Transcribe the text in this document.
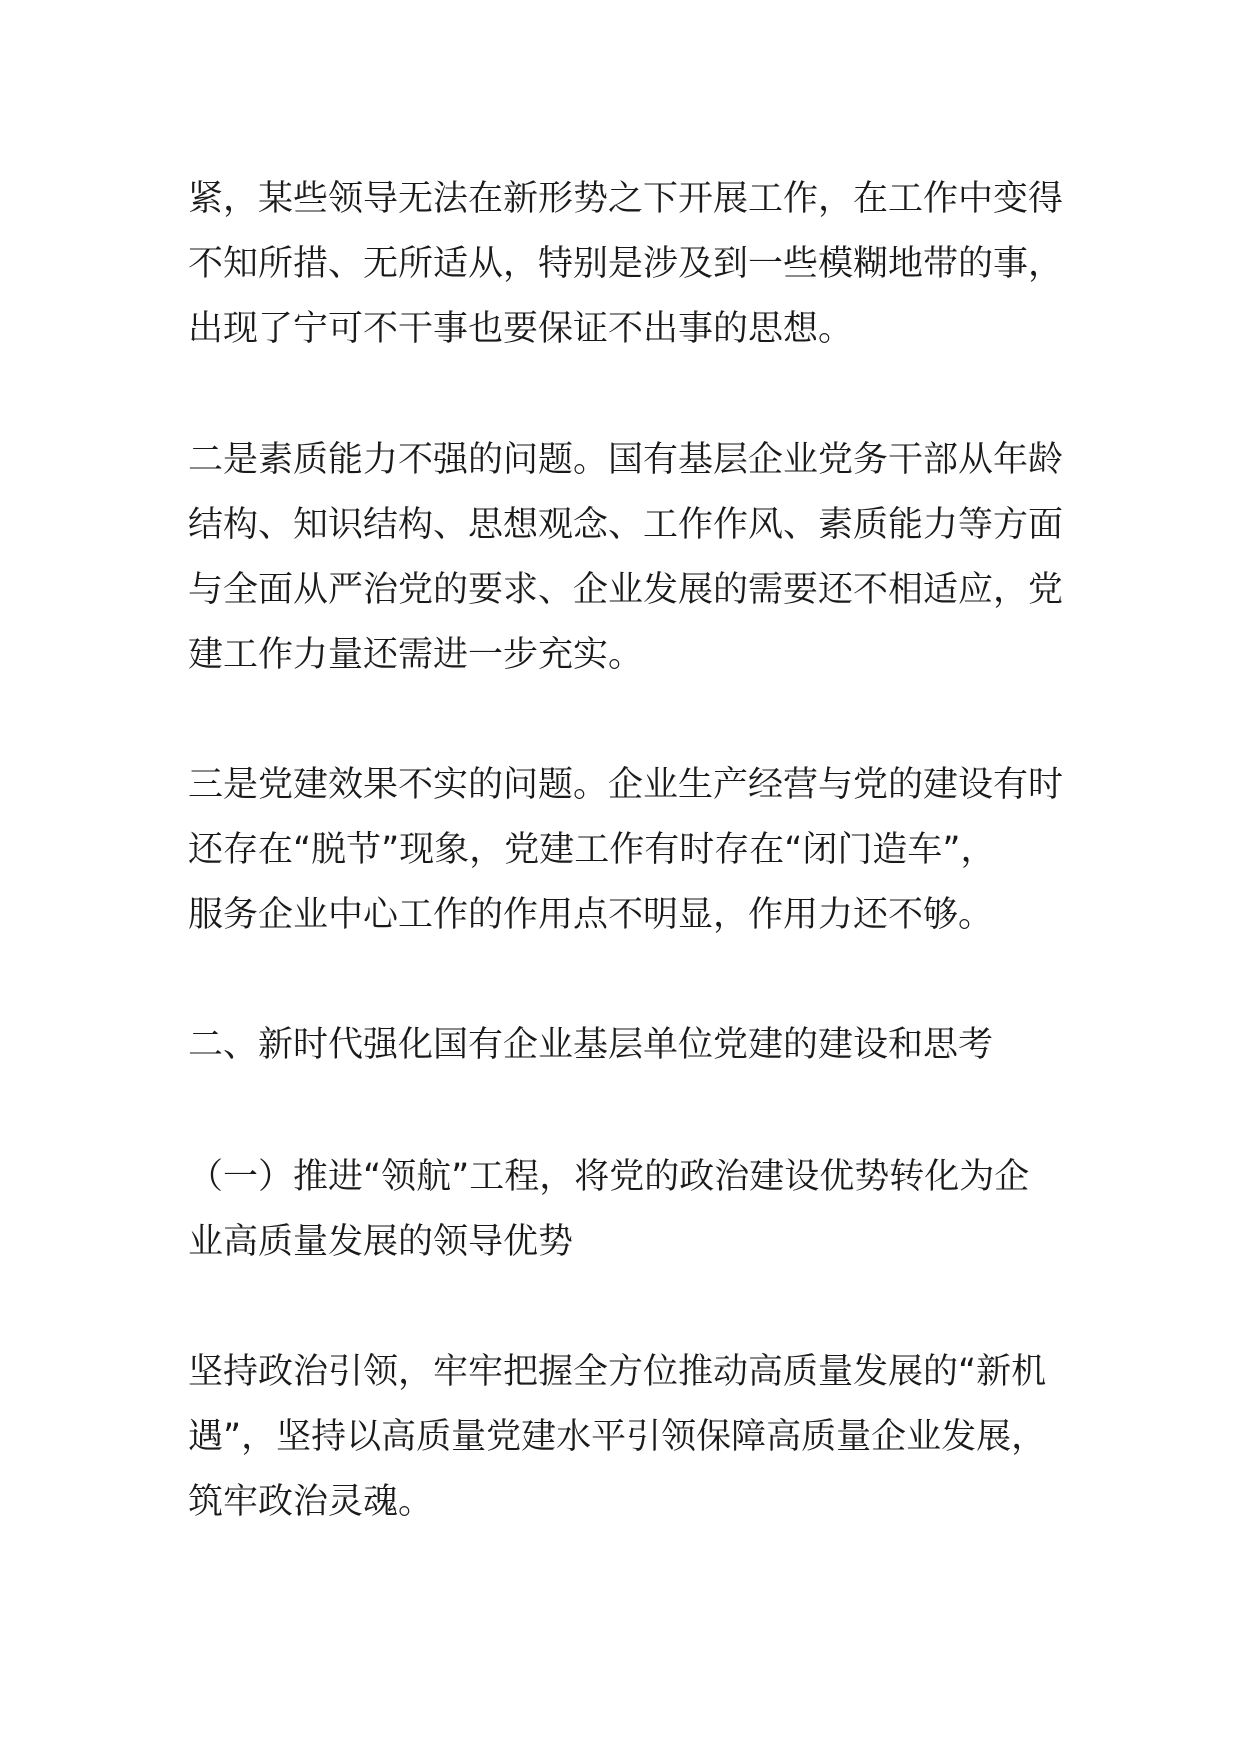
紧，某些领导无法在新形势之下开展工作，在工作中变得
不知所措、无所适从，特别是涉及到一些模糊地带的事，
出现了宁可不干事也要保证不出事的思想。

二是素质能力不强的问题。国有基层企业党务干部从年龄
结构、知识结构、思想观念、工作作风、素质能力等方面
与全面从严治党的要求、企业发展的需要还不相适应，党
建工作力量还需进一步充实。

三是党建效果不实的问题。企业生产经营与党的建设有时
还存在“脱节”现象，党建工作有时存在“闭门造车”，
服务企业中心工作的作用点不明显，作用力还不够。

二、新时代强化国有企业基层单位党建的建设和思考

（一）推进“领航”工程，将党的政治建设优势转化为企
业高质量发展的领导优势

坚持政治引领，牢牢把握全方位推动高质量发展的“新机
遇”，坚持以高质量党建水平引领保障高质量企业发展，
筑牢政治灵魂。
